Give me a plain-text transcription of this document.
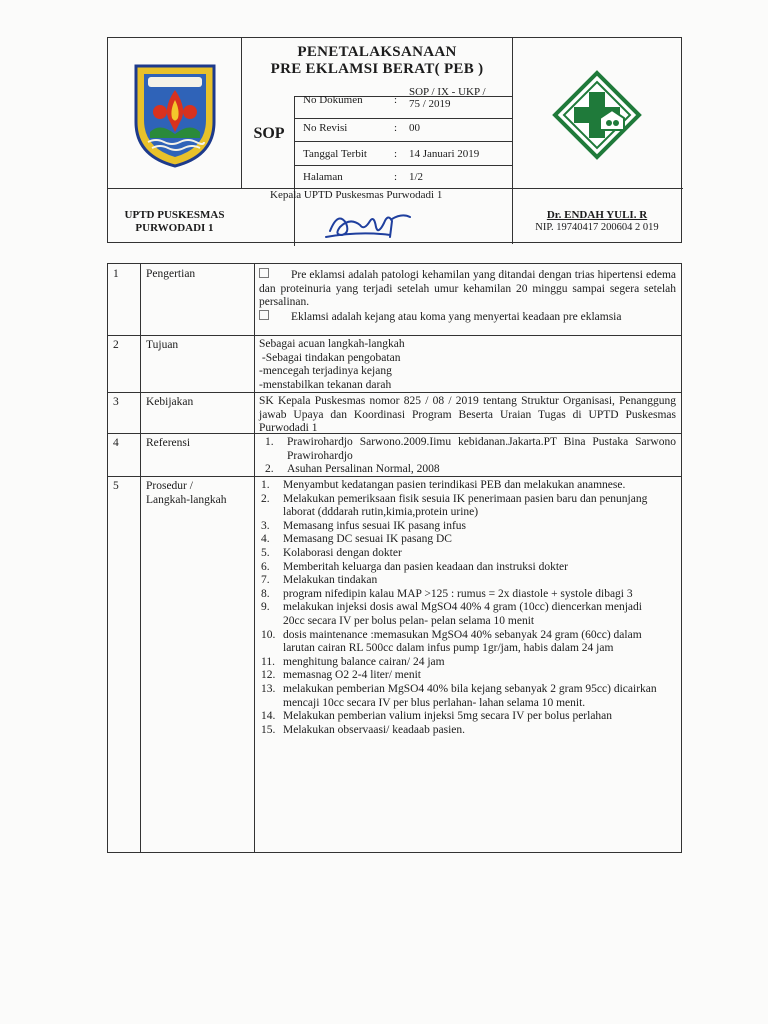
PENETALAKSANAAN
PRE EKLAMSI BERAT( PEB )
SOP
No Dokumen	:
SOP / IX - UKP /
75 / 2019
No Revisi	: 00
Tanggal Terbit : 14 Januari 2019
Halaman	: 1/2
UPTD PUSKESMAS
PURWODADI 1
Kepala UPTD Puskesmas Purwodadi 1
Dr. ENDAH YULI. R
NIP. 19740417 200604 2 019
1 Pengertian	Pre eklamsi adalah patologi kehamilan yang ditandai dengan trias hipertensi edema dan proteinuria yang terjadi setelah umur kehamilan 20 minggu sampai segera setelah persalinan.

Eklamsi adalah kejang atau koma yang menyertai keadaan pre eklamsia

2 Tujuan	Sebagai acuan langkah-langkah

-Sebagai tindakan pengobatan

-mencegah terjadinya kejang

-menstabilkan tekanan darah

3 Kebijakan	SK Kepala Puskesmas nomor 825 / 08 / 2019 tentang Struktur Organisasi, Penanggung jawab Upaya dan Koordinasi Program Beserta Uraian Tugas di UPTD Puskesmas Purwodadi 1
4 Referensi	1. Prawirohardjo Sarwono.2009.Iimu kebidanan.Jakarta.PT Bina Pustaka Sarwono Prawirohardjo
2. Asuhan Persalinan Normal, 2008
5 Prosedur /
Langkah-langkah
1. Menyambut kedatangan pasien terindikasi PEB dan melakukan anamnese.
2. Melakukan pemeriksaan fisik sesuia IK penerimaan pasien baru dan penunjang laborat (dddarah rutin,kimia,protein urine)
3. Memasang infus sesuai IK pasang infus
4. Memasang DC sesuai IK pasang DC
5. Kolaborasi dengan dokter
6. Memberitah keluarga dan pasien keadaan dan instruksi dokter
7. Melakukan tindakan
8. program nifedipin kalau MAP >125 : rumus = 2x diastole + systole dibagi 3
9. melakukan injeksi dosis awal MgSO4 40% 4 gram (10cc) diencerkan menjadi 20cc secara IV per bolus pelan- pelan selama 10 menit
10. dosis maintenance :memasukan MgSO4 40% sebanyak 24 gram (60cc) dalam larutan cairan RL 500cc dalam infus pump 1gr/jam, habis dalam 24 jam
11. menghitung balance cairan/ 24 jam
12. memasnag O2 2-4 liter/ menit
13. melakukan pemberian MgSO4 40% bila kejang sebanyak 2 gram 95cc) dicairkan mencaji 10cc secara IV per blus perlahan- lahan selama 10 menit.
14. Melakukan pemberian valium injeksi 5mg secara IV per bolus perlahan
15. Melakukan observaasi/ keadaab pasien.
